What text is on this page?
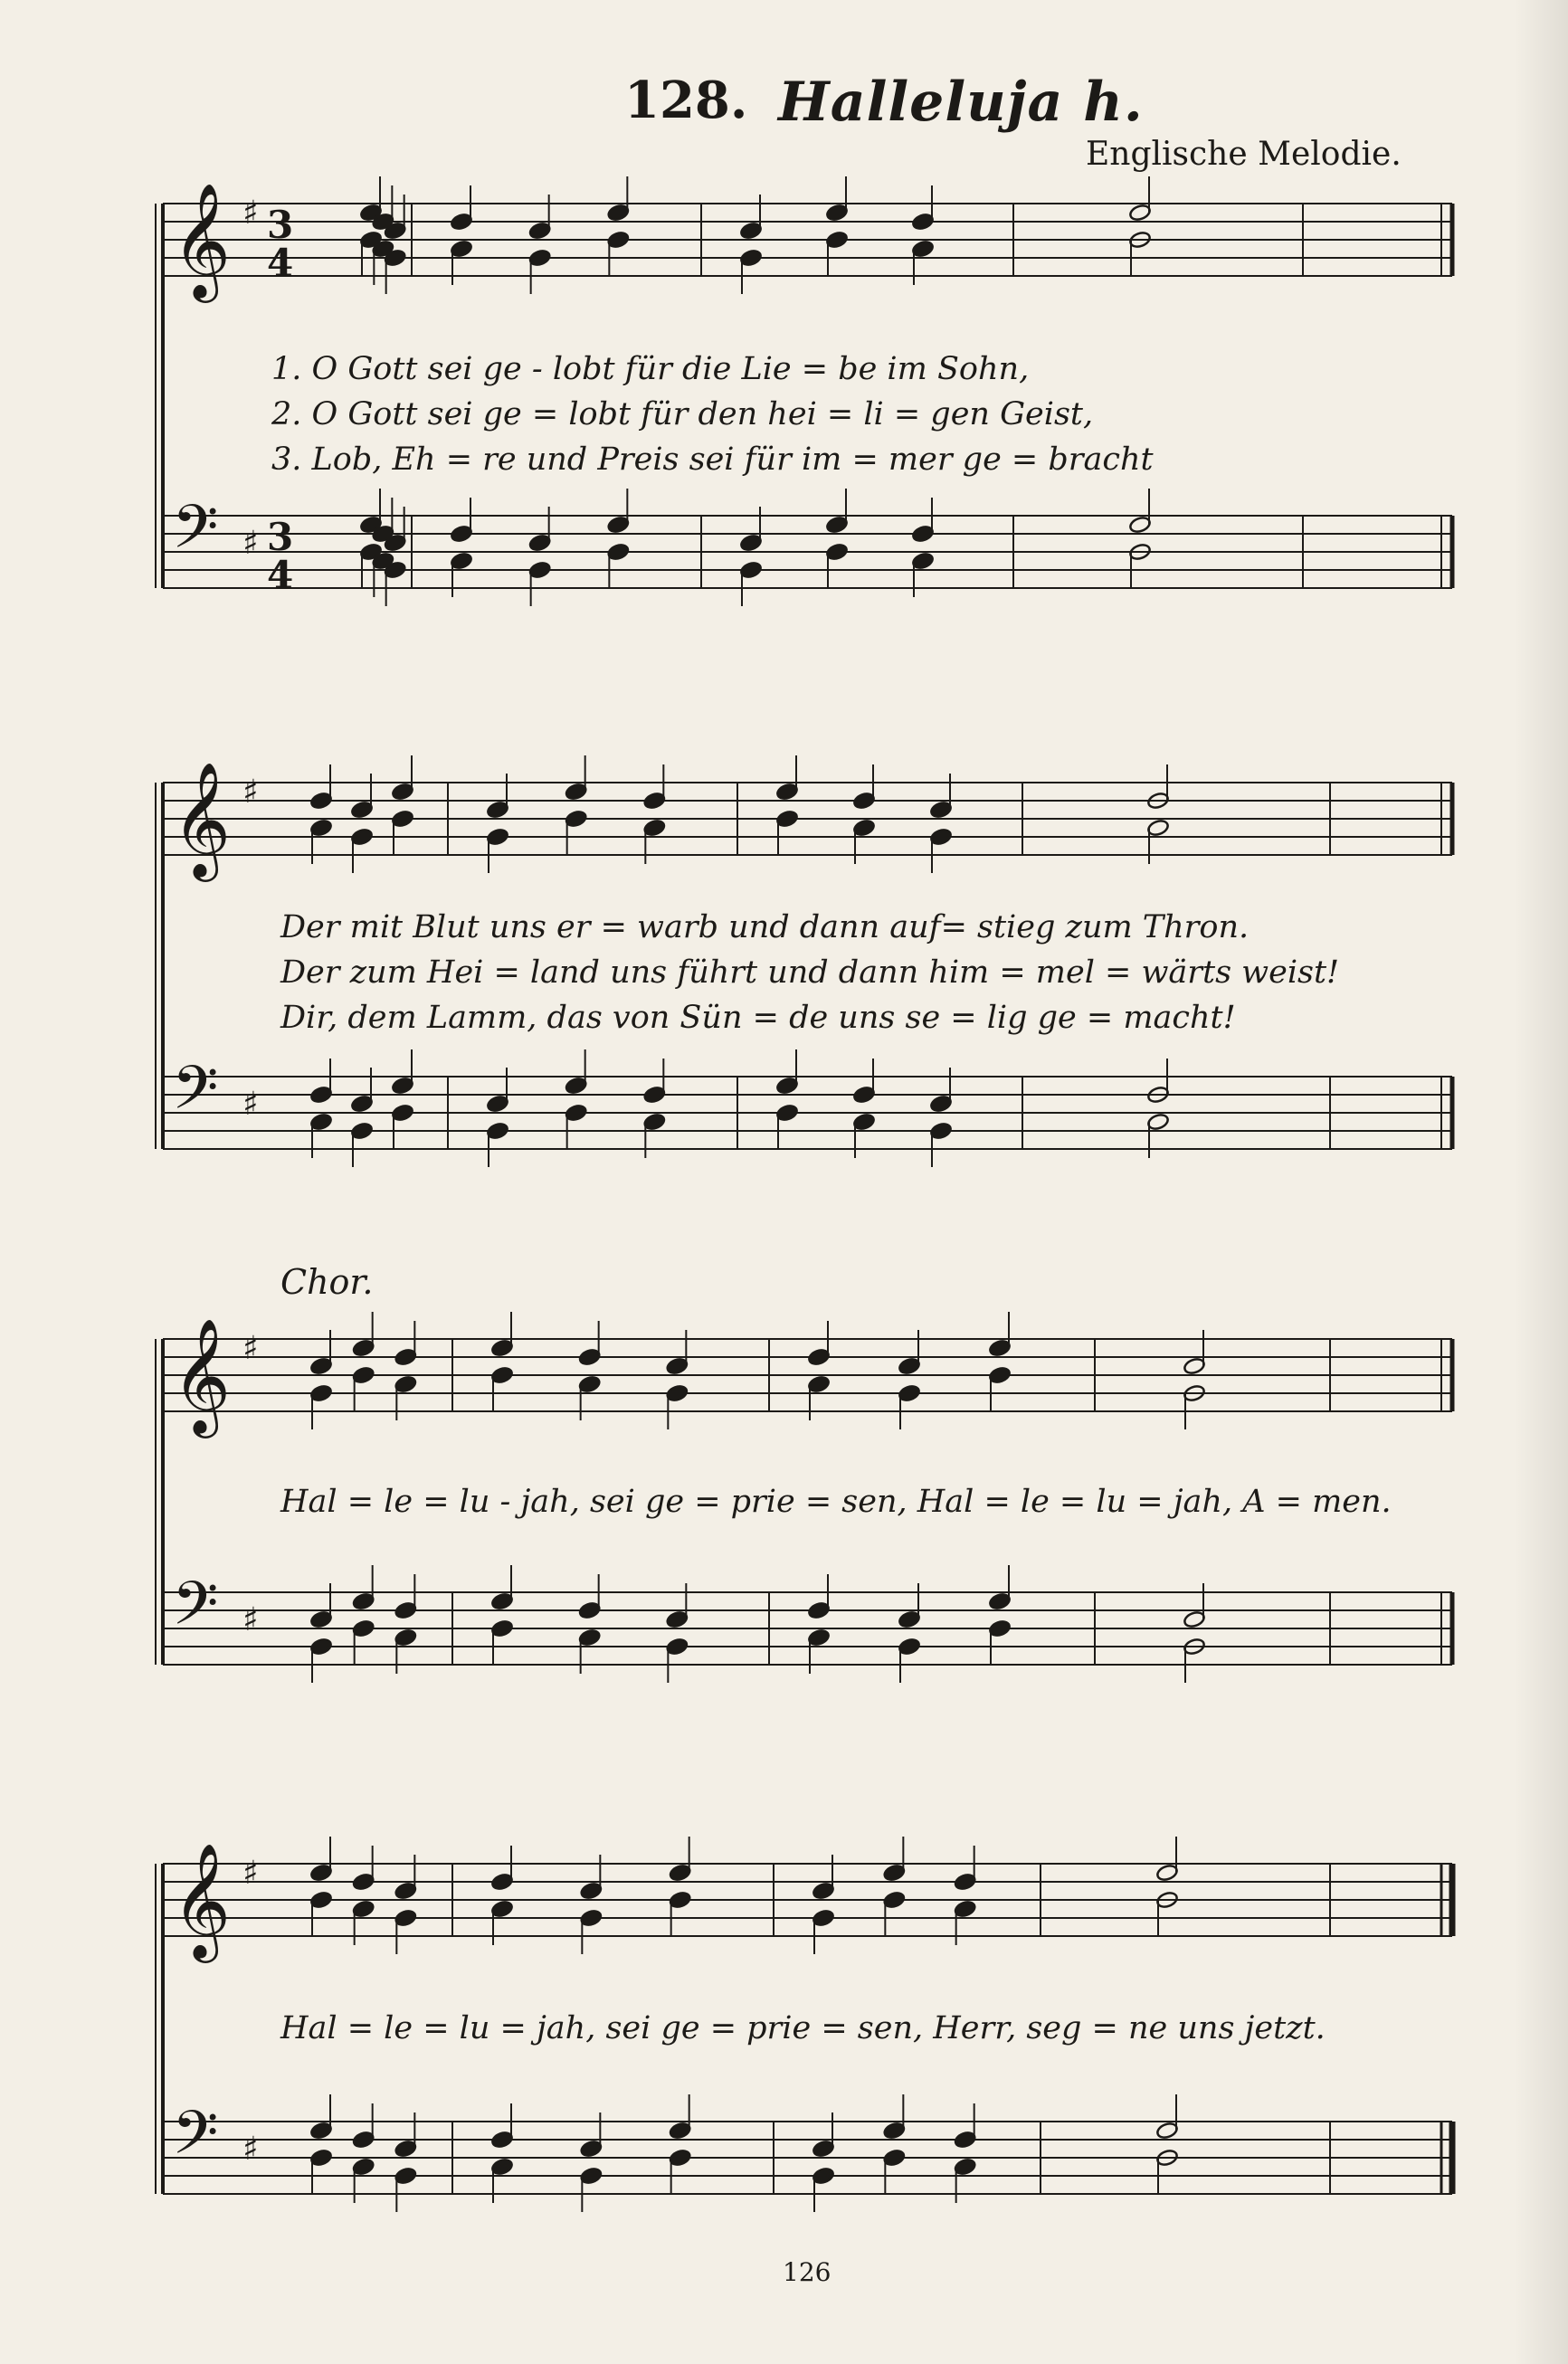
128. Halleluja h.
Englische Melodie.
𝄞 ♯ 3
4
𝄢 ♯ 3
4
𝄞 ♯
𝄢 ♯
𝄞 ♯
𝄢 ♯
𝄞 ♯
𝄢 ♯
1. O Gott sei ge - lobt für die Lie = be im Sohn,
2. O Gott sei ge = lobt für den hei = li = gen Geist,
3. Lob, Eh = re und Preis sei für im = mer ge = bracht
Der mit Blut uns er = warb und dann auf= stieg zum Thron.
Der zum Hei = land uns führt und dann him = mel = wärts weist!
Dir, dem Lamm, das von Sün = de uns se = lig ge = macht!
Chor.
Hal = le = lu - jah, sei ge = prie = sen, Hal = le = lu = jah, A = men.
Hal = le = lu = jah, sei ge = prie = sen, Herr, seg = ne uns jetzt.
126
